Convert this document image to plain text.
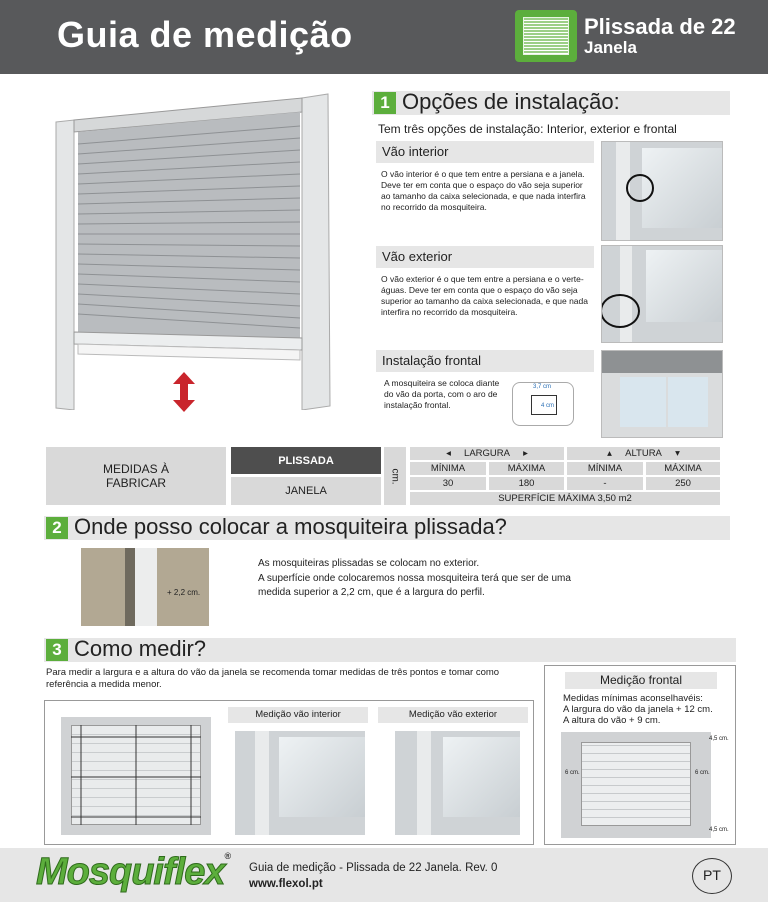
Guia de medição	Plissada de 22
Janela
1 Opções de instalação:
Tem três opções de instalação: Interior, exterior e frontal
Vão interior
O vão interior é o que tem entre a persiana e a janela. Deve ter em conta que o espaço do vão seja superior ao tamanho da caixa selecionada, e que nada interfira no recorrido da mosquiteira.
Vão exterior
O vão exterior é o que tem entre a persiana e o verte-águas. Deve ter em conta que o espaço do vão seja superior ao tamanho da caixa selecionada, e que nada interfira no recorrido da mosquiteira.
Instalação frontal
A mosquiteira se coloca diante do vão da porta, com o aro de instalação frontal.
3,7 cm
4 cm
MEDIDAS À FABRICAR
PLISSADA
JANELA
cm.
◂ LARGURA ▸	▴ ALTURA ▾
MÍNIMA	MÁXIMA	MÍNIMA	MÁXIMA
30	180	-	250
SUPERFÍCIE MÁXIMA 3,50 m2
2 Onde posso colocar a mosquiteira plissada?
+ 2,2 cm.
As mosquiteiras plissadas se colocam no exterior.
A superfície onde colocaremos nossa mosquiteira terá que ser de uma
medida superior a 2,2 cm, que é a largura do perfil.
3 Como medir?
Para medir a largura e a altura do vão da janela se recomenda tomar medidas de três pontos e tomar como referência a medida menor.
Medição vão interior	Medição vão exterior
Medição frontal
Medidas mínimas aconselhavéis:
A largura do vão da janela + 12 cm.
A altura do vão + 9 cm.
4,5 cm.
4,5 cm.
6 cm.	6 cm.
Mosquiflex®
Guia de medição - Plissada de 22 Janela. Rev. 0
www.flexol.pt
PT
